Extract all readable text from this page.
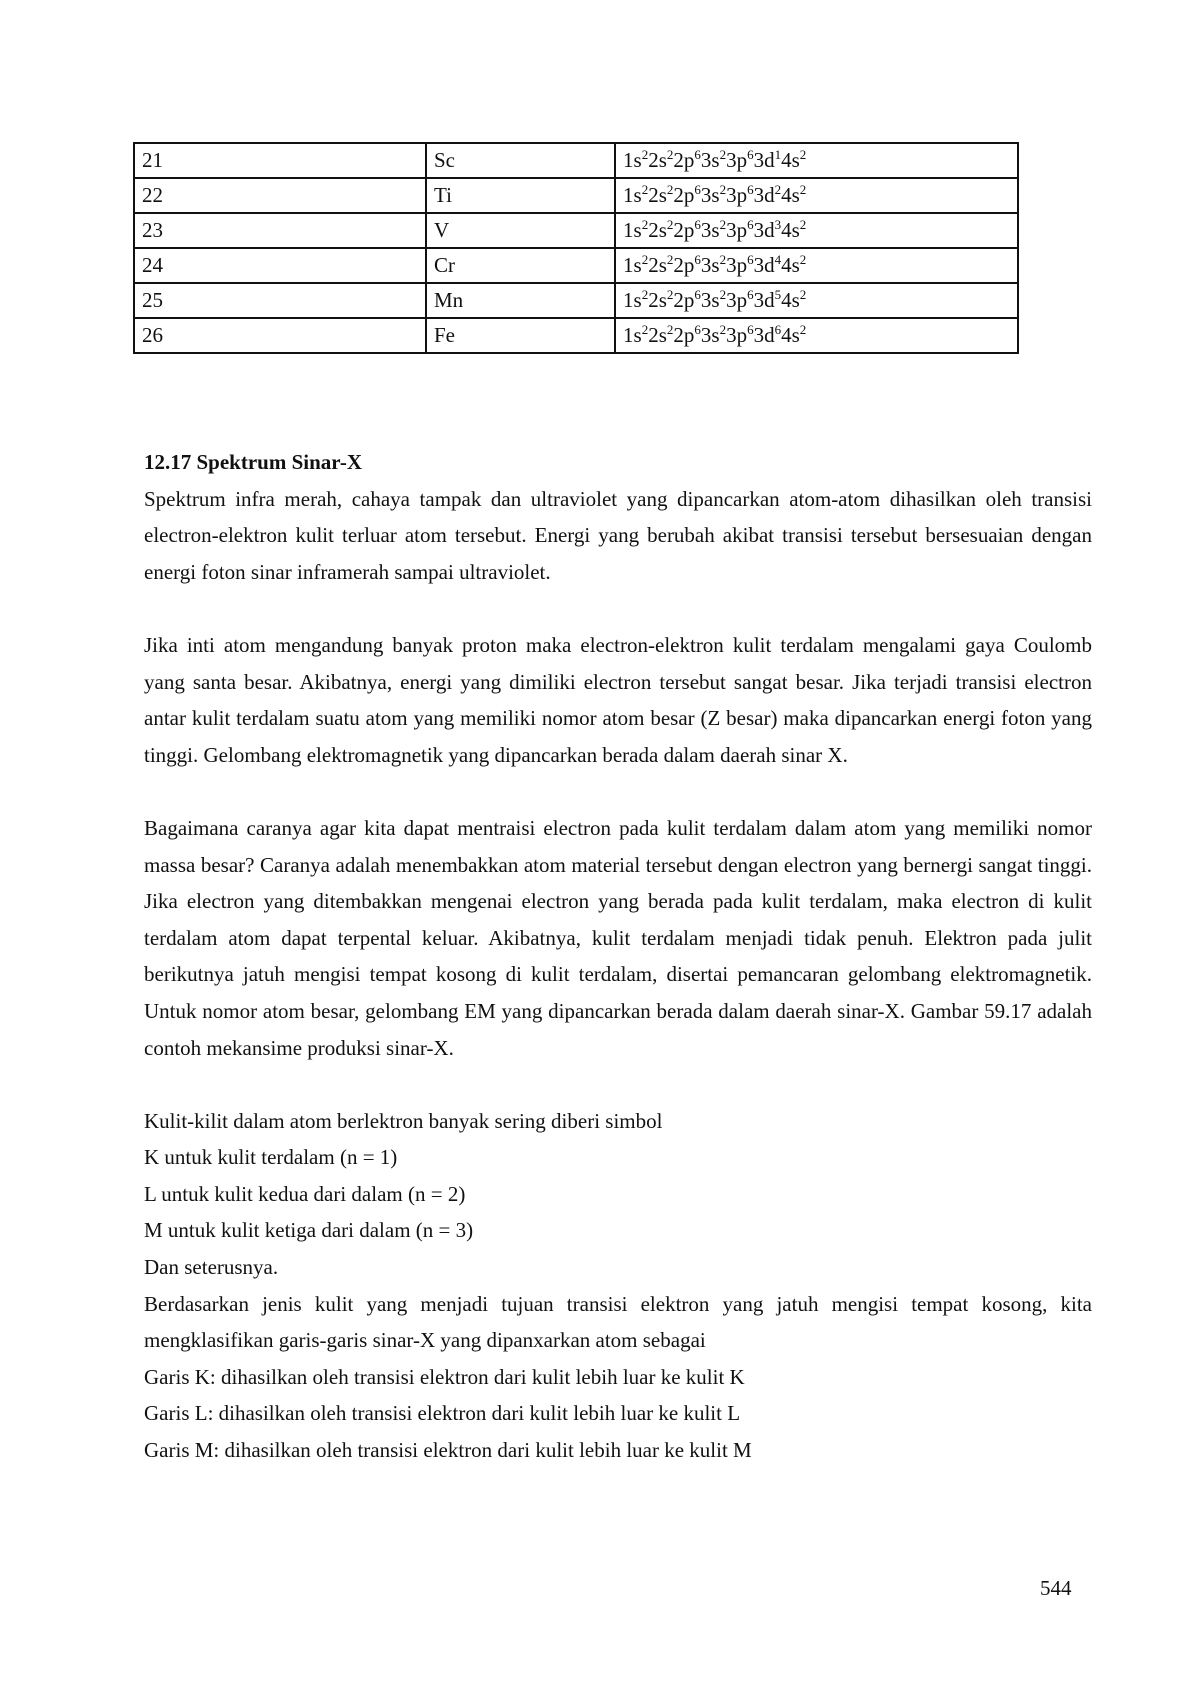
21	Sc	$1s^22s^22p^63s^23p^63d^14s^2$
22	Ti	$1s^22s^22p^63s^23p^63d^24s^2$
23	V	$1s^22s^22p^63s^23p^63d^34s^2$
24	Cr	$1s^22s^22p^63s^23p^63d^44s^2$
25	Mn	$1s^22s^22p^63s^23p^63d^54s^2$
26	Fe	$1s^22s^22p^63s^23p^63d^64s^2$
12.17 Spektrum Sinar-X

Spektrum infra merah, cahaya tampak dan ultraviolet yang dipancarkan atom-atom dihasilkan oleh transisi electron-elektron kulit terluar atom tersebut. Energi yang berubah akibat transisi tersebut bersesuaian dengan energi foton sinar inframerah sampai ultraviolet.

Jika inti atom mengandung banyak proton maka electron-elektron kulit terdalam mengalami gaya Coulomb yang santa besar. Akibatnya, energi yang dimiliki electron tersebut sangat besar. Jika terjadi transisi electron antar kulit terdalam suatu atom yang memiliki nomor atom besar (Z besar) maka dipancarkan energi foton yang tinggi. Gelombang elektromagnetik yang dipancarkan berada dalam daerah sinar X.

Bagaimana caranya agar kita dapat mentraisi electron pada kulit terdalam dalam atom yang memiliki nomor massa besar? Caranya adalah menembakkan atom material tersebut dengan electron yang bernergi sangat tinggi. Jika electron yang ditembakkan mengenai electron yang berada pada kulit terdalam, maka electron di kulit terdalam atom dapat terpental keluar. Akibatnya, kulit terdalam menjadi tidak penuh. Elektron pada julit berikutnya jatuh mengisi tempat kosong di kulit terdalam, disertai pemancaran gelombang elektromagnetik. Untuk nomor atom besar, gelombang EM yang dipancarkan berada dalam daerah sinar-X. Gambar 59.17 adalah contoh mekansime produksi sinar-X.

Kulit-kilit dalam atom berlektron banyak sering diberi simbol
K untuk kulit terdalam (n = 1)
L untuk kulit kedua dari dalam (n = 2)
M untuk kulit ketiga dari dalam (n = 3)
Dan seterusnya.

Berdasarkan jenis kulit yang menjadi tujuan transisi elektron yang jatuh mengisi tempat kosong, kita mengklasifikan garis-garis sinar-X yang dipanxarkan atom sebagai

Garis K: dihasilkan oleh transisi elektron dari kulit lebih luar ke kulit K
Garis L: dihasilkan oleh transisi elektron dari kulit lebih luar ke kulit L
Garis M: dihasilkan oleh transisi elektron dari kulit lebih luar ke kulit M
544
